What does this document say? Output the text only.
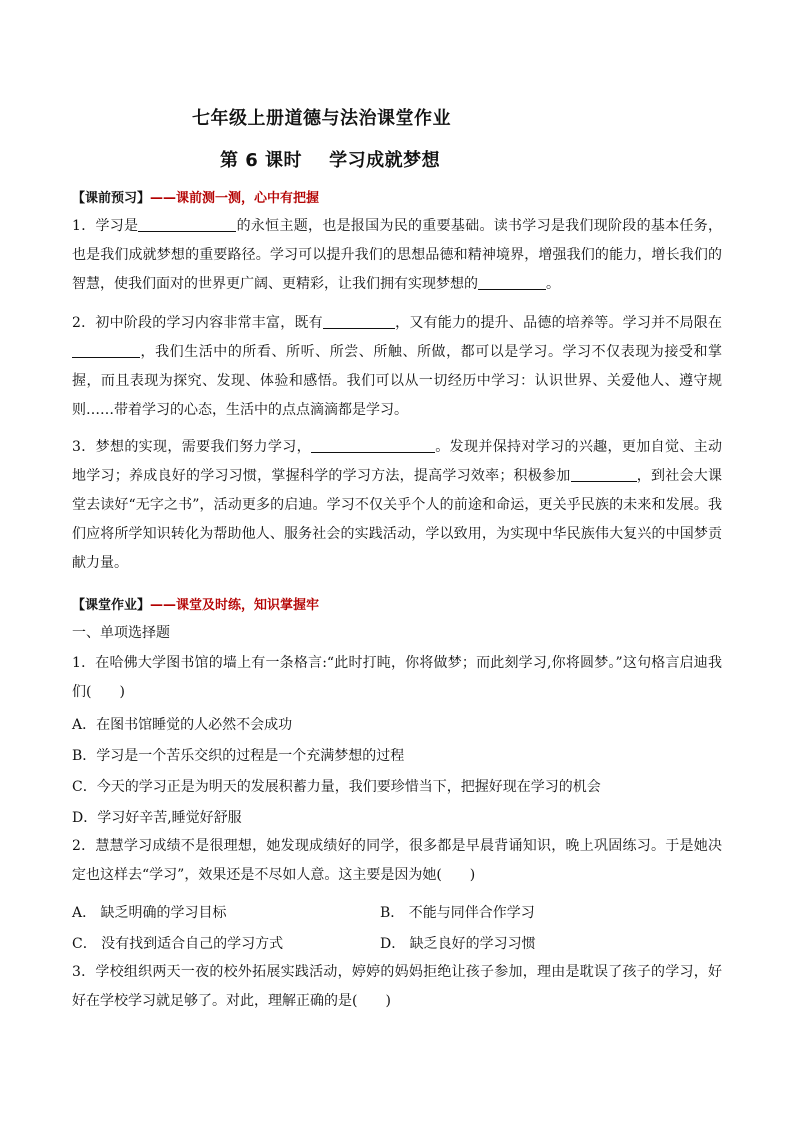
七年级上册道德与法治课堂作业
第 6 课时    学习成就梦想
【课前预习】——课前测一测，心中有把握

1．学习是	的永恒主题，也是报国为民的重要基础。读书学习是我们现阶段的基本任务，也是我们成就梦想的重要路径。学习可以提升我们的思想品德和精神境界，增强我们的能力，增长我们的智慧，使我们面对的世界更广阔、更精彩，让我们拥有实现梦想的	。

2．初中阶段的学习内容非常丰富，既有	，又有能力的提升、品德的培养等。学习并不局限在，我们生活中的所看、所听、所尝、所触、所做，都可以是学习。学习不仅表现为接受和掌握，而且表现为探究、发现、体验和感悟。我们可以从一切经历中学习：认识世界、关爱他人、遵守规则……带着学习的心态，生活中的点点滴滴都是学习。

3．梦想的实现，需要我们努力学习，	。发现并保持对学习的兴趣，更加自觉、主动地学习；养成良好的学习习惯，掌握科学的学习方法，提高学习效率；积极参加	，到社会大课堂去读好“无字之书”，活动更多的启迪。学习不仅关乎个人的前途和命运，更关乎民族的未来和发展。我们应将所学知识转化为帮助他人、服务社会的实践活动，学以致用，为实现中华民族伟大复兴的中国梦贡献力量。

【课堂作业】——课堂及时练，知识掌握牢
一、单项选择题

1．在哈佛大学图书馆的墙上有一条格言:“此时打盹，你将做梦；而此刻学习,你将圆梦。”这句格言启迪我们(　　)

A．在图书馆睡觉的人必然不会成功
B．学习是一个苦乐交织的过程是一个充满梦想的过程
C．今天的学习正是为明天的发展积蓄力量，我们要珍惜当下，把握好现在学习的机会
D．学习好辛苦,睡觉好舒服

2．慧慧学习成绩不是很理想，她发现成绩好的同学，很多都是早晨背诵知识，晚上巩固练习。于是她决定也这样去“学习”，效果还是不尽如人意。这主要是因为她(　　)

A． 缺乏明确的学习目标	B． 不能与同伴合作学习
C． 没有找到适合自己的学习方式	D． 缺乏良好的学习习惯

3．学校组织两天一夜的校外拓展实践活动，婷婷的妈妈拒绝让孩子参加，理由是耽误了孩子的学习，好好在学校学习就足够了。对此，理解正确的是(　　)
